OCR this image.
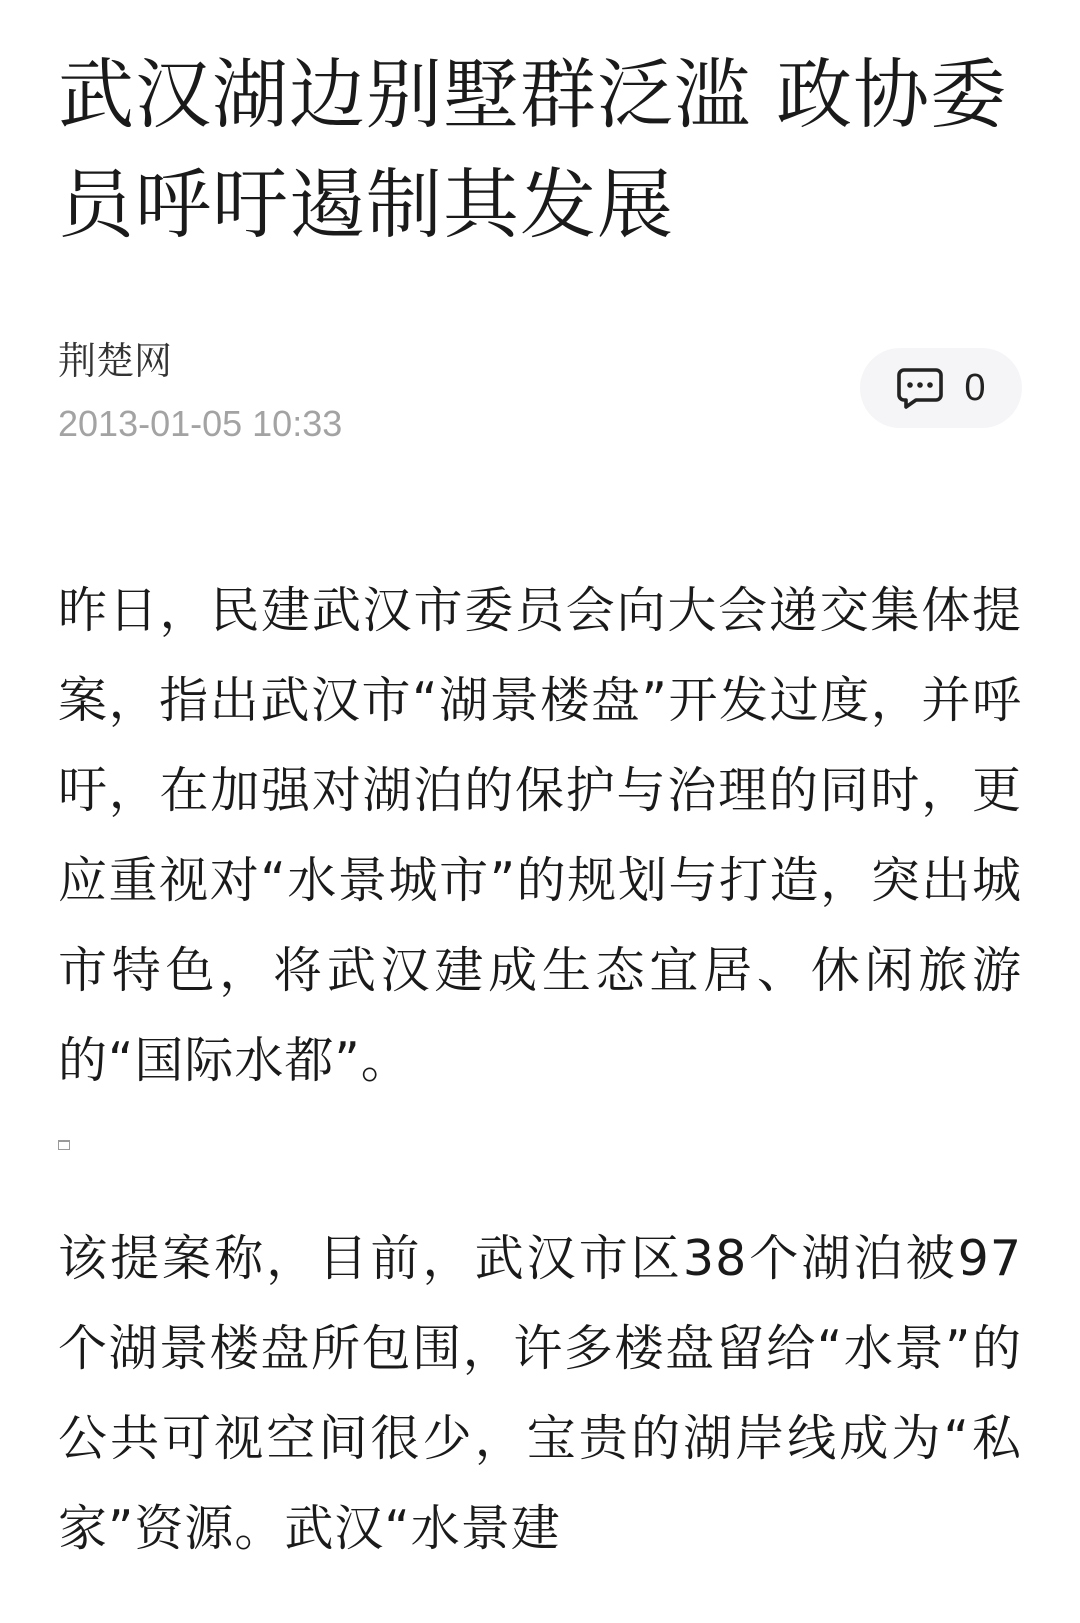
武汉湖边别墅群泛滥 政协委员呼吁遏制其发展
荆楚网
2013-01-05 10:33
0

昨日，民建武汉市委员会向大会递交集体提案，指出武汉市“湖景楼盘”开发过度，并呼吁，在加强对湖泊的保护与治理的同时，更应重视对“水景城市”的规划与打造，突出城市特色，将武汉建成生态宜居、休闲旅游的“国际水都”。

该提案称，目前，武汉市区38个湖泊被97个湖景楼盘所包围，许多楼盘留给“水景”的公共可视空间很少，宝贵的湖岸线成为“私家”资源。武汉“水景建
